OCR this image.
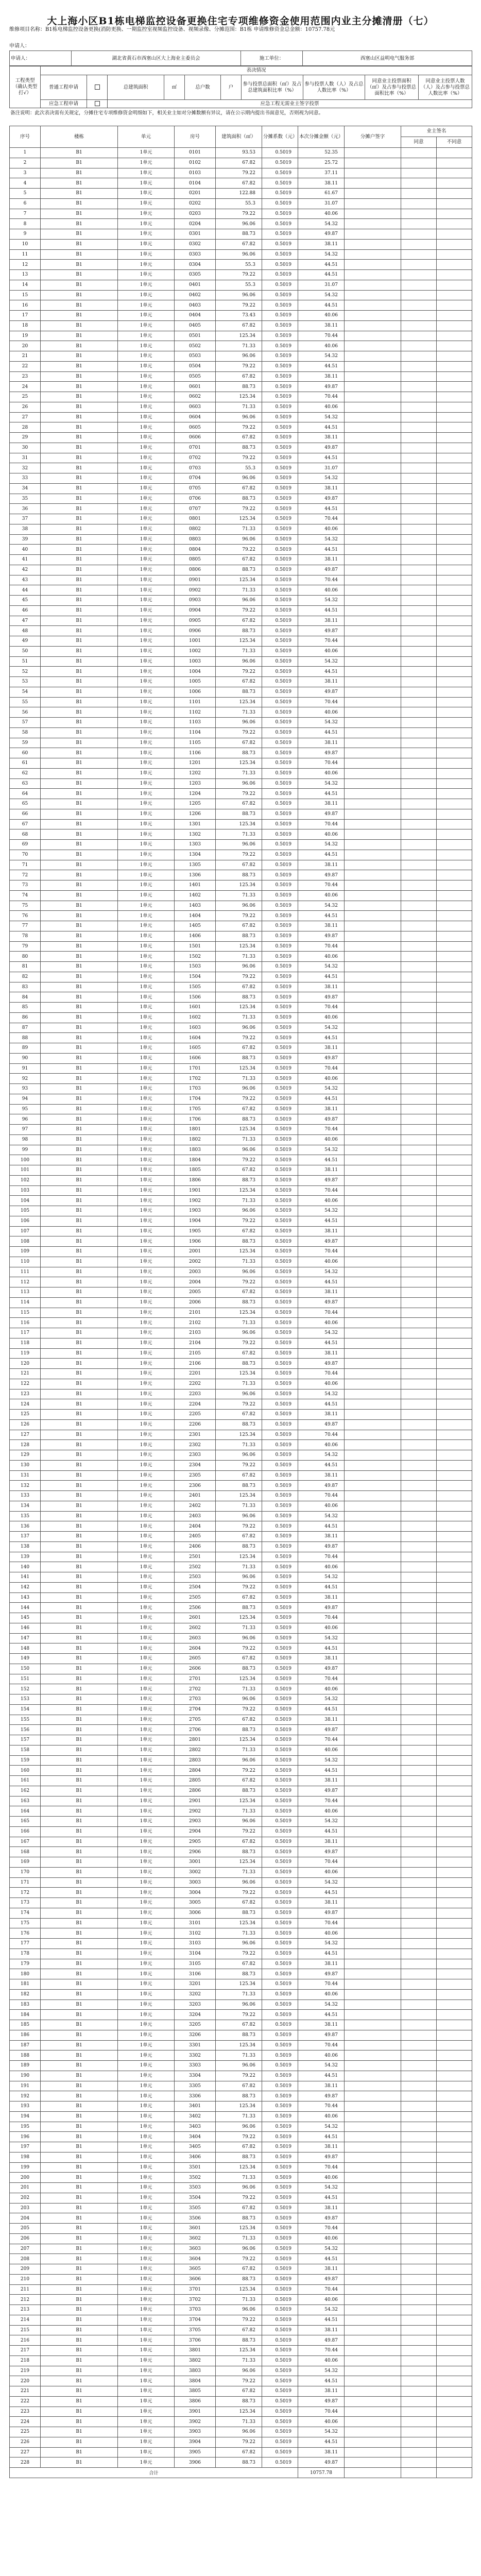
大上海小区B1栋电梯监控设备更换住宅专项维修资金使用范围内业主分摊清册（七）
维修项目名称：B1栋电梯监控设备更换(消防更换、一期监控室视频监控设备、视频录像、分摊范围：B1栋 申请维修资金总金额：10757.78元
申请人：
申请人：	湖北省黄石市西塞山区大上海业主委员会	施工单位：	西塞山区益明电气服务部
工程类型（确认类型打√）	表决情况									
	普通工程申请		总建筑面积	㎡	总户数	户	参与投票总面积（㎡）及占总建筑面积比率（%）	参与投票人数（人）及占总人数比率（%）	同意业主投票面积（㎡）及占参与投票总面积比率（%）	同意业主投票人数（人）及占参与投票总人数比率（%）
	应急工程申请		应急工程无需业主签字投票							
备注说明：此次表决需有关规定，分摊住宅专项维修资金明细如下，相关业主如对分摊数额有异议，请在公示期内提出书面意见，否则视为同意。
序号	楼栋	单元	房号	建筑面积（㎡）	分摊系数（元）	本次分摊金额（元）	分摊户签字	业主签名	
								同意	不同意
1	B1	1单元	0101	93.53	0.5019	52.35			
2	B1	1单元	0102	67.82	0.5019	25.72			
3	B1	1单元	0103	79.22	0.5019	37.11			
4	B1	1单元	0104	67.82	0.5019	38.11			
5	B1	1单元	0201	122.88	0.5019	61.67			
6	B1	1单元	0202	55.3	0.5019	31.07			
7	B1	1单元	0203	79.22	0.5019	40.06			
8	B1	1单元	0204	96.06	0.5019	54.32			
9	B1	1单元	0301	88.73	0.5019	49.87			
10	B1	1单元	0302	67.82	0.5019	38.11			
11	B1	1单元	0303	96.06	0.5019	54.32			
12	B1	1单元	0304	55.3	0.5019	44.51			
13	B1	1单元	0305	79.22	0.5019	44.51			
14	B1	1单元	0401	55.3	0.5019	31.07			
15	B1	1单元	0402	96.06	0.5019	54.32			
16	B1	1单元	0403	79.22	0.5019	44.51			
17	B1	1单元	0404	73.43	0.5019	40.06			
18	B1	1单元	0405	67.82	0.5019	38.11			
19	B1	1单元	0501	125.34	0.5019	70.44			
20	B1	1单元	0502	71.33	0.5019	40.06			
21	B1	1单元	0503	96.06	0.5019	54.32			
22	B1	1单元	0504	79.22	0.5019	44.51			
23	B1	1单元	0505	67.82	0.5019	38.11			
24	B1	1单元	0601	88.73	0.5019	49.87			
25	B1	1单元	0602	125.34	0.5019	70.44			
26	B1	1单元	0603	71.33	0.5019	40.06			
27	B1	1单元	0604	96.06	0.5019	54.32			
28	B1	1单元	0605	79.22	0.5019	44.51			
29	B1	1单元	0606	67.82	0.5019	38.11			
30	B1	1单元	0701	88.73	0.5019	49.87			
31	B1	1单元	0702	79.22	0.5019	44.51			
32	B1	1单元	0703	55.3	0.5019	31.07			
33	B1	1单元	0704	96.06	0.5019	54.32			
34	B1	1单元	0705	67.82	0.5019	38.11			
35	B1	1单元	0706	88.73	0.5019	49.87			
36	B1	1单元	0707	79.22	0.5019	44.51			
37	B1	1单元	0801	125.34	0.5019	70.44			
38	B1	1单元	0802	71.33	0.5019	40.06			
39	B1	1单元	0803	96.06	0.5019	54.32			
40	B1	1单元	0804	79.22	0.5019	44.51			
41	B1	1单元	0805	67.82	0.5019	38.11			
42	B1	1单元	0806	88.73	0.5019	49.87			
43	B1	1单元	0901	125.34	0.5019	70.44			
44	B1	1单元	0902	71.33	0.5019	40.06			
45	B1	1单元	0903	96.06	0.5019	54.32			
46	B1	1单元	0904	79.22	0.5019	44.51			
47	B1	1单元	0905	67.82	0.5019	38.11			
48	B1	1单元	0906	88.73	0.5019	49.87			
49	B1	1单元	1001	125.34	0.5019	70.44			
50	B1	1单元	1002	71.33	0.5019	40.06			
51	B1	1单元	1003	96.06	0.5019	54.32			
52	B1	1单元	1004	79.22	0.5019	44.51			
53	B1	1单元	1005	67.82	0.5019	38.11			
54	B1	1单元	1006	88.73	0.5019	49.87			
55	B1	1单元	1101	125.34	0.5019	70.44			
56	B1	1单元	1102	71.33	0.5019	40.06			
57	B1	1单元	1103	96.06	0.5019	54.32			
58	B1	1单元	1104	79.22	0.5019	44.51			
59	B1	1单元	1105	67.82	0.5019	38.11			
60	B1	1单元	1106	88.73	0.5019	49.87			
61	B1	1单元	1201	125.34	0.5019	70.44			
62	B1	1单元	1202	71.33	0.5019	40.06			
63	B1	1单元	1203	96.06	0.5019	54.32			
64	B1	1单元	1204	79.22	0.5019	44.51			
65	B1	1单元	1205	67.82	0.5019	38.11			
66	B1	1单元	1206	88.73	0.5019	49.87			
67	B1	1单元	1301	125.34	0.5019	70.44			
68	B1	1单元	1302	71.33	0.5019	40.06			
69	B1	1单元	1303	96.06	0.5019	54.32			
70	B1	1单元	1304	79.22	0.5019	44.51			
71	B1	1单元	1305	67.82	0.5019	38.11			
72	B1	1单元	1306	88.73	0.5019	49.87			
73	B1	1单元	1401	125.34	0.5019	70.44			
74	B1	1单元	1402	71.33	0.5019	40.06			
75	B1	1单元	1403	96.06	0.5019	54.32			
76	B1	1单元	1404	79.22	0.5019	44.51			
77	B1	1单元	1405	67.82	0.5019	38.11			
78	B1	1单元	1406	88.73	0.5019	49.87			
79	B1	1单元	1501	125.34	0.5019	70.44			
80	B1	1单元	1502	71.33	0.5019	40.06			
81	B1	1单元	1503	96.06	0.5019	54.32			
82	B1	1单元	1504	79.22	0.5019	44.51			
83	B1	1单元	1505	67.82	0.5019	38.11			
84	B1	1单元	1506	88.73	0.5019	49.87			
85	B1	1单元	1601	125.34	0.5019	70.44			
86	B1	1单元	1602	71.33	0.5019	40.06			
87	B1	1单元	1603	96.06	0.5019	54.32			
88	B1	1单元	1604	79.22	0.5019	44.51			
89	B1	1单元	1605	67.82	0.5019	38.11			
90	B1	1单元	1606	88.73	0.5019	49.87			
91	B1	1单元	1701	125.34	0.5019	70.44			
92	B1	1单元	1702	71.33	0.5019	40.06			
93	B1	1单元	1703	96.06	0.5019	54.32			
94	B1	1单元	1704	79.22	0.5019	44.51			
95	B1	1单元	1705	67.82	0.5019	38.11			
96	B1	1单元	1706	88.73	0.5019	49.87			
97	B1	1单元	1801	125.34	0.5019	70.44			
98	B1	1单元	1802	71.33	0.5019	40.06			
99	B1	1单元	1803	96.06	0.5019	54.32			
100	B1	1单元	1804	79.22	0.5019	44.51			
101	B1	1单元	1805	67.82	0.5019	38.11			
102	B1	1单元	1806	88.73	0.5019	49.87			
103	B1	1单元	1901	125.34	0.5019	70.44			
104	B1	1单元	1902	71.33	0.5019	40.06			
105	B1	1单元	1903	96.06	0.5019	54.32			
106	B1	1单元	1904	79.22	0.5019	44.51			
107	B1	1单元	1905	67.82	0.5019	38.11			
108	B1	1单元	1906	88.73	0.5019	49.87			
109	B1	1单元	2001	125.34	0.5019	70.44			
110	B1	1单元	2002	71.33	0.5019	40.06			
111	B1	1单元	2003	96.06	0.5019	54.32			
112	B1	1单元	2004	79.22	0.5019	44.51			
113	B1	1单元	2005	67.82	0.5019	38.11			
114	B1	1单元	2006	88.73	0.5019	49.87			
115	B1	1单元	2101	125.34	0.5019	70.44			
116	B1	1单元	2102	71.33	0.5019	40.06			
117	B1	1单元	2103	96.06	0.5019	54.32			
118	B1	1单元	2104	79.22	0.5019	44.51			
119	B1	1单元	2105	67.82	0.5019	38.11			
120	B1	1单元	2106	88.73	0.5019	49.87			
121	B1	1单元	2201	125.34	0.5019	70.44			
122	B1	1单元	2202	71.33	0.5019	40.06			
123	B1	1单元	2203	96.06	0.5019	54.32			
124	B1	1单元	2204	79.22	0.5019	44.51			
125	B1	1单元	2205	67.82	0.5019	38.11			
126	B1	1单元	2206	88.73	0.5019	49.87			
127	B1	1单元	2301	125.34	0.5019	70.44			
128	B1	1单元	2302	71.33	0.5019	40.06			
129	B1	1单元	2303	96.06	0.5019	54.32			
130	B1	1单元	2304	79.22	0.5019	44.51			
131	B1	1单元	2305	67.82	0.5019	38.11			
132	B1	1单元	2306	88.73	0.5019	49.87			
133	B1	1单元	2401	125.34	0.5019	70.44			
134	B1	1单元	2402	71.33	0.5019	40.06			
135	B1	1单元	2403	96.06	0.5019	54.32			
136	B1	1单元	2404	79.22	0.5019	44.51			
137	B1	1单元	2405	67.82	0.5019	38.11			
138	B1	1单元	2406	88.73	0.5019	49.87			
139	B1	1单元	2501	125.34	0.5019	70.44			
140	B1	1单元	2502	71.33	0.5019	40.06			
141	B1	1单元	2503	96.06	0.5019	54.32			
142	B1	1单元	2504	79.22	0.5019	44.51			
143	B1	1单元	2505	67.82	0.5019	38.11			
144	B1	1单元	2506	88.73	0.5019	49.87			
145	B1	1单元	2601	125.34	0.5019	70.44			
146	B1	1单元	2602	71.33	0.5019	40.06			
147	B1	1单元	2603	96.06	0.5019	54.32			
148	B1	1单元	2604	79.22	0.5019	44.51			
149	B1	1单元	2605	67.82	0.5019	38.11			
150	B1	1单元	2606	88.73	0.5019	49.87			
151	B1	1单元	2701	125.34	0.5019	70.44			
152	B1	1单元	2702	71.33	0.5019	40.06			
153	B1	1单元	2703	96.06	0.5019	54.32			
154	B1	1单元	2704	79.22	0.5019	44.51			
155	B1	1单元	2705	67.82	0.5019	38.11			
156	B1	1单元	2706	88.73	0.5019	49.87			
157	B1	1单元	2801	125.34	0.5019	70.44			
158	B1	1单元	2802	71.33	0.5019	40.06			
159	B1	1单元	2803	96.06	0.5019	54.32			
160	B1	1单元	2804	79.22	0.5019	44.51			
161	B1	1单元	2805	67.82	0.5019	38.11			
162	B1	1单元	2806	88.73	0.5019	49.87			
163	B1	1单元	2901	125.34	0.5019	70.44			
164	B1	1单元	2902	71.33	0.5019	40.06			
165	B1	1单元	2903	96.06	0.5019	54.32			
166	B1	1单元	2904	79.22	0.5019	44.51			
167	B1	1单元	2905	67.82	0.5019	38.11			
168	B1	1单元	2906	88.73	0.5019	49.87			
169	B1	1单元	3001	125.34	0.5019	70.44			
170	B1	1单元	3002	71.33	0.5019	40.06			
171	B1	1单元	3003	96.06	0.5019	54.32			
172	B1	1单元	3004	79.22	0.5019	44.51			
173	B1	1单元	3005	67.82	0.5019	38.11			
174	B1	1单元	3006	88.73	0.5019	49.87			
175	B1	1单元	3101	125.34	0.5019	70.44			
176	B1	1单元	3102	71.33	0.5019	40.06			
177	B1	1单元	3103	96.06	0.5019	54.32			
178	B1	1单元	3104	79.22	0.5019	44.51			
179	B1	1单元	3105	67.82	0.5019	38.11			
180	B1	1单元	3106	88.73	0.5019	49.87			
181	B1	1单元	3201	125.34	0.5019	70.44			
182	B1	1单元	3202	71.33	0.5019	40.06			
183	B1	1单元	3203	96.06	0.5019	54.32			
184	B1	1单元	3204	79.22	0.5019	44.51			
185	B1	1单元	3205	67.82	0.5019	38.11			
186	B1	1单元	3206	88.73	0.5019	49.87			
187	B1	1单元	3301	125.34	0.5019	70.44			
188	B1	1单元	3302	71.33	0.5019	40.06			
189	B1	1单元	3303	96.06	0.5019	54.32			
190	B1	1单元	3304	79.22	0.5019	44.51			
191	B1	1单元	3305	67.82	0.5019	38.11			
192	B1	1单元	3306	88.73	0.5019	49.87			
193	B1	1单元	3401	125.34	0.5019	70.44			
194	B1	1单元	3402	71.33	0.5019	40.06			
195	B1	1单元	3403	96.06	0.5019	54.32			
196	B1	1单元	3404	79.22	0.5019	44.51			
197	B1	1单元	3405	67.82	0.5019	38.11			
198	B1	1单元	3406	88.73	0.5019	49.87			
199	B1	1单元	3501	125.34	0.5019	70.44			
200	B1	1单元	3502	71.33	0.5019	40.06			
201	B1	1单元	3503	96.06	0.5019	54.32			
202	B1	1单元	3504	79.22	0.5019	44.51			
203	B1	1单元	3505	67.82	0.5019	38.11			
204	B1	1单元	3506	88.73	0.5019	49.87			
205	B1	1单元	3601	125.34	0.5019	70.44			
206	B1	1单元	3602	71.33	0.5019	40.06			
207	B1	1单元	3603	96.06	0.5019	54.32			
208	B1	1单元	3604	79.22	0.5019	44.51			
209	B1	1单元	3605	67.82	0.5019	38.11			
210	B1	1单元	3606	88.73	0.5019	49.87			
211	B1	1单元	3701	125.34	0.5019	70.44			
212	B1	1单元	3702	71.33	0.5019	40.06			
213	B1	1单元	3703	96.06	0.5019	54.32			
214	B1	1单元	3704	79.22	0.5019	44.51			
215	B1	1单元	3705	67.82	0.5019	38.11			
216	B1	1单元	3706	88.73	0.5019	49.87			
217	B1	1单元	3801	125.34	0.5019	70.44			
218	B1	1单元	3802	71.33	0.5019	40.06			
219	B1	1单元	3803	96.06	0.5019	54.32			
220	B1	1单元	3804	79.22	0.5019	44.51			
221	B1	1单元	3805	67.82	0.5019	38.11			
222	B1	1单元	3806	88.73	0.5019	49.87			
223	B1	1单元	3901	125.34	0.5019	70.44			
224	B1	1单元	3902	71.33	0.5019	40.06			
225	B1	1单元	3903	96.06	0.5019	54.32			
226	B1	1单元	3904	79.22	0.5019	44.51			
227	B1	1单元	3905	67.82	0.5019	38.11			
228	B1	1单元	3906	88.73	0.5019	49.87			
合计						10757.78			
